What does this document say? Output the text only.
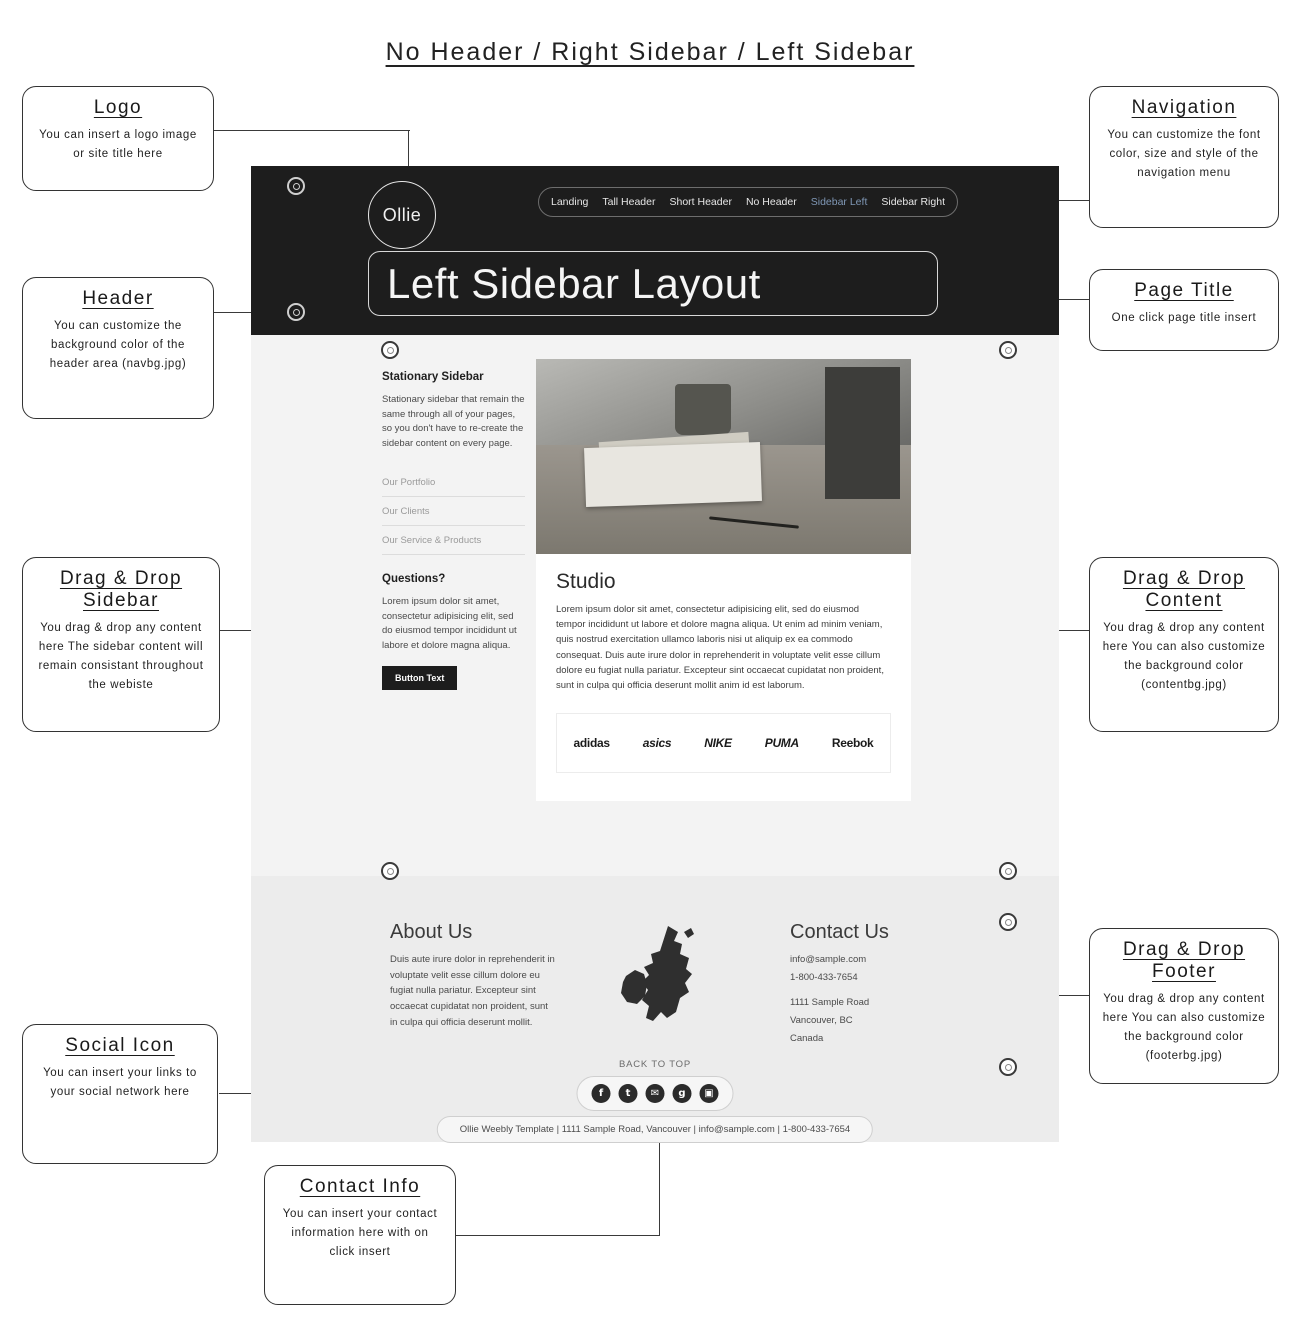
No Header / Right Sidebar / Left Sidebar
Logo
You can insert a logo image or site title here
Header
You can customize the background color of the header area (navbg.jpg)
Drag & Drop Sidebar
You drag & drop any content here The sidebar content will remain consistant throughout the webiste
Social Icon
You can insert your links to your social network here
Contact Info
You can insert your contact information here with on click insert
Navigation
You can customize the font color, size and style of the navigation menu
Page Title
One click page title insert
Drag & Drop Content
You drag & drop any content here You can also customize the background color (contentbg.jpg)
Drag & Drop Footer
You drag & drop any content here You can also customize the background color (footerbg.jpg)
Ollie
Landing Tall Header Short Header No Header Sidebar Left Sidebar Right
Left Sidebar Layout
Stationary Sidebar

Stationary sidebar that remain the same through all of your pages, so you don't have to re-create the sidebar content on every page.

Our Portfolio
Our Clients
Our Service & Products
Questions?

Lorem ipsum dolor sit amet, consectetur adipisicing elit, sed do eiusmod tempor incididunt ut labore et dolore magna aliqua.

Button Text
Studio

Lorem ipsum dolor sit amet, consectetur adipisicing elit, sed do eiusmod tempor incididunt ut labore et dolore magna aliqua. Ut enim ad minim veniam, quis nostrud exercitation ullamco laboris nisi ut aliquip ex ea commodo consequat. Duis aute irure dolor in reprehenderit in voluptate velit esse cillum dolore eu fugiat nulla pariatur. Excepteur sint occaecat cupidatat non proident, sunt in culpa qui officia deserunt mollit anim id est laborum.

adidas	asics	NIKE	PUMA	Reebok
About Us

Duis aute irure dolor in reprehenderit in voluptate velit esse cillum dolore eu fugiat nulla pariatur. Excepteur sint occaecat cupidatat non proident, sunt in culpa qui officia deserunt mollit.

Contact Us

info@sample.com

1-800-433-7654

1111 Sample Road

Vancouver, BC

Canada

BACK TO TOP
f	t	✉	g	▣
Ollie Weebly Template | 1111 Sample Road, Vancouver | info@sample.com | 1-800-433-7654
